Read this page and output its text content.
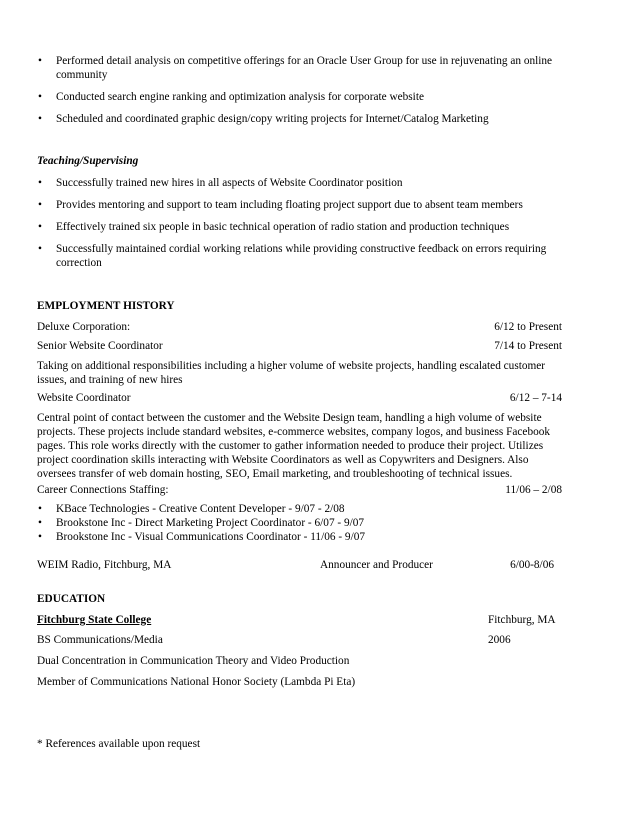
• Performed detail analysis on competitive offerings for an Oracle User Group for use in rejuvenating an online community
• Conducted search engine ranking and optimization analysis for corporate website
• Scheduled and coordinated graphic design/copy writing projects for Internet/Catalog Marketing
Teaching/Supervising
• Successfully trained new hires in all aspects of Website Coordinator position
• Provides mentoring and support to team including floating project support due to absent team members
• Effectively trained six people in basic technical operation of radio station and production techniques
• Successfully maintained cordial working relations while providing constructive feedback on errors requiring correction
EMPLOYMENT HISTORY
Deluxe Corporation:	6/12 to Present
Senior Website Coordinator	7/14 to Present
Taking on additional responsibilities including a higher volume of website projects, handling escalated customer issues, and training of new hires
Website Coordinator	6/12 – 7-14
Central point of contact between the customer and the Website Design team, handling a high volume of website projects. These projects include standard websites, e-commerce websites, company logos, and business Facebook pages. This role works directly with the customer to gather information needed to produce their project. Utilizes project coordination skills interacting with Website Coordinators as well as Copywriters and Designers. Also oversees transfer of web domain hosting, SEO, Email marketing, and troubleshooting of technical issues.
Career Connections Staffing:	11/06 – 2/08
• KBace Technologies - Creative Content Developer - 9/07 - 2/08
• Brookstone Inc - Direct Marketing Project Coordinator - 6/07 - 9/07
• Brookstone Inc - Visual Communications Coordinator - 11/06 - 9/07
WEIM Radio, Fitchburg, MA	Announcer and Producer	6/00-8/06
EDUCATION
Fitchburg State College	Fitchburg, MA
BS Communications/Media	2006
Dual Concentration in Communication Theory and Video Production
Member of Communications National Honor Society (Lambda Pi Eta)
* References available upon request
